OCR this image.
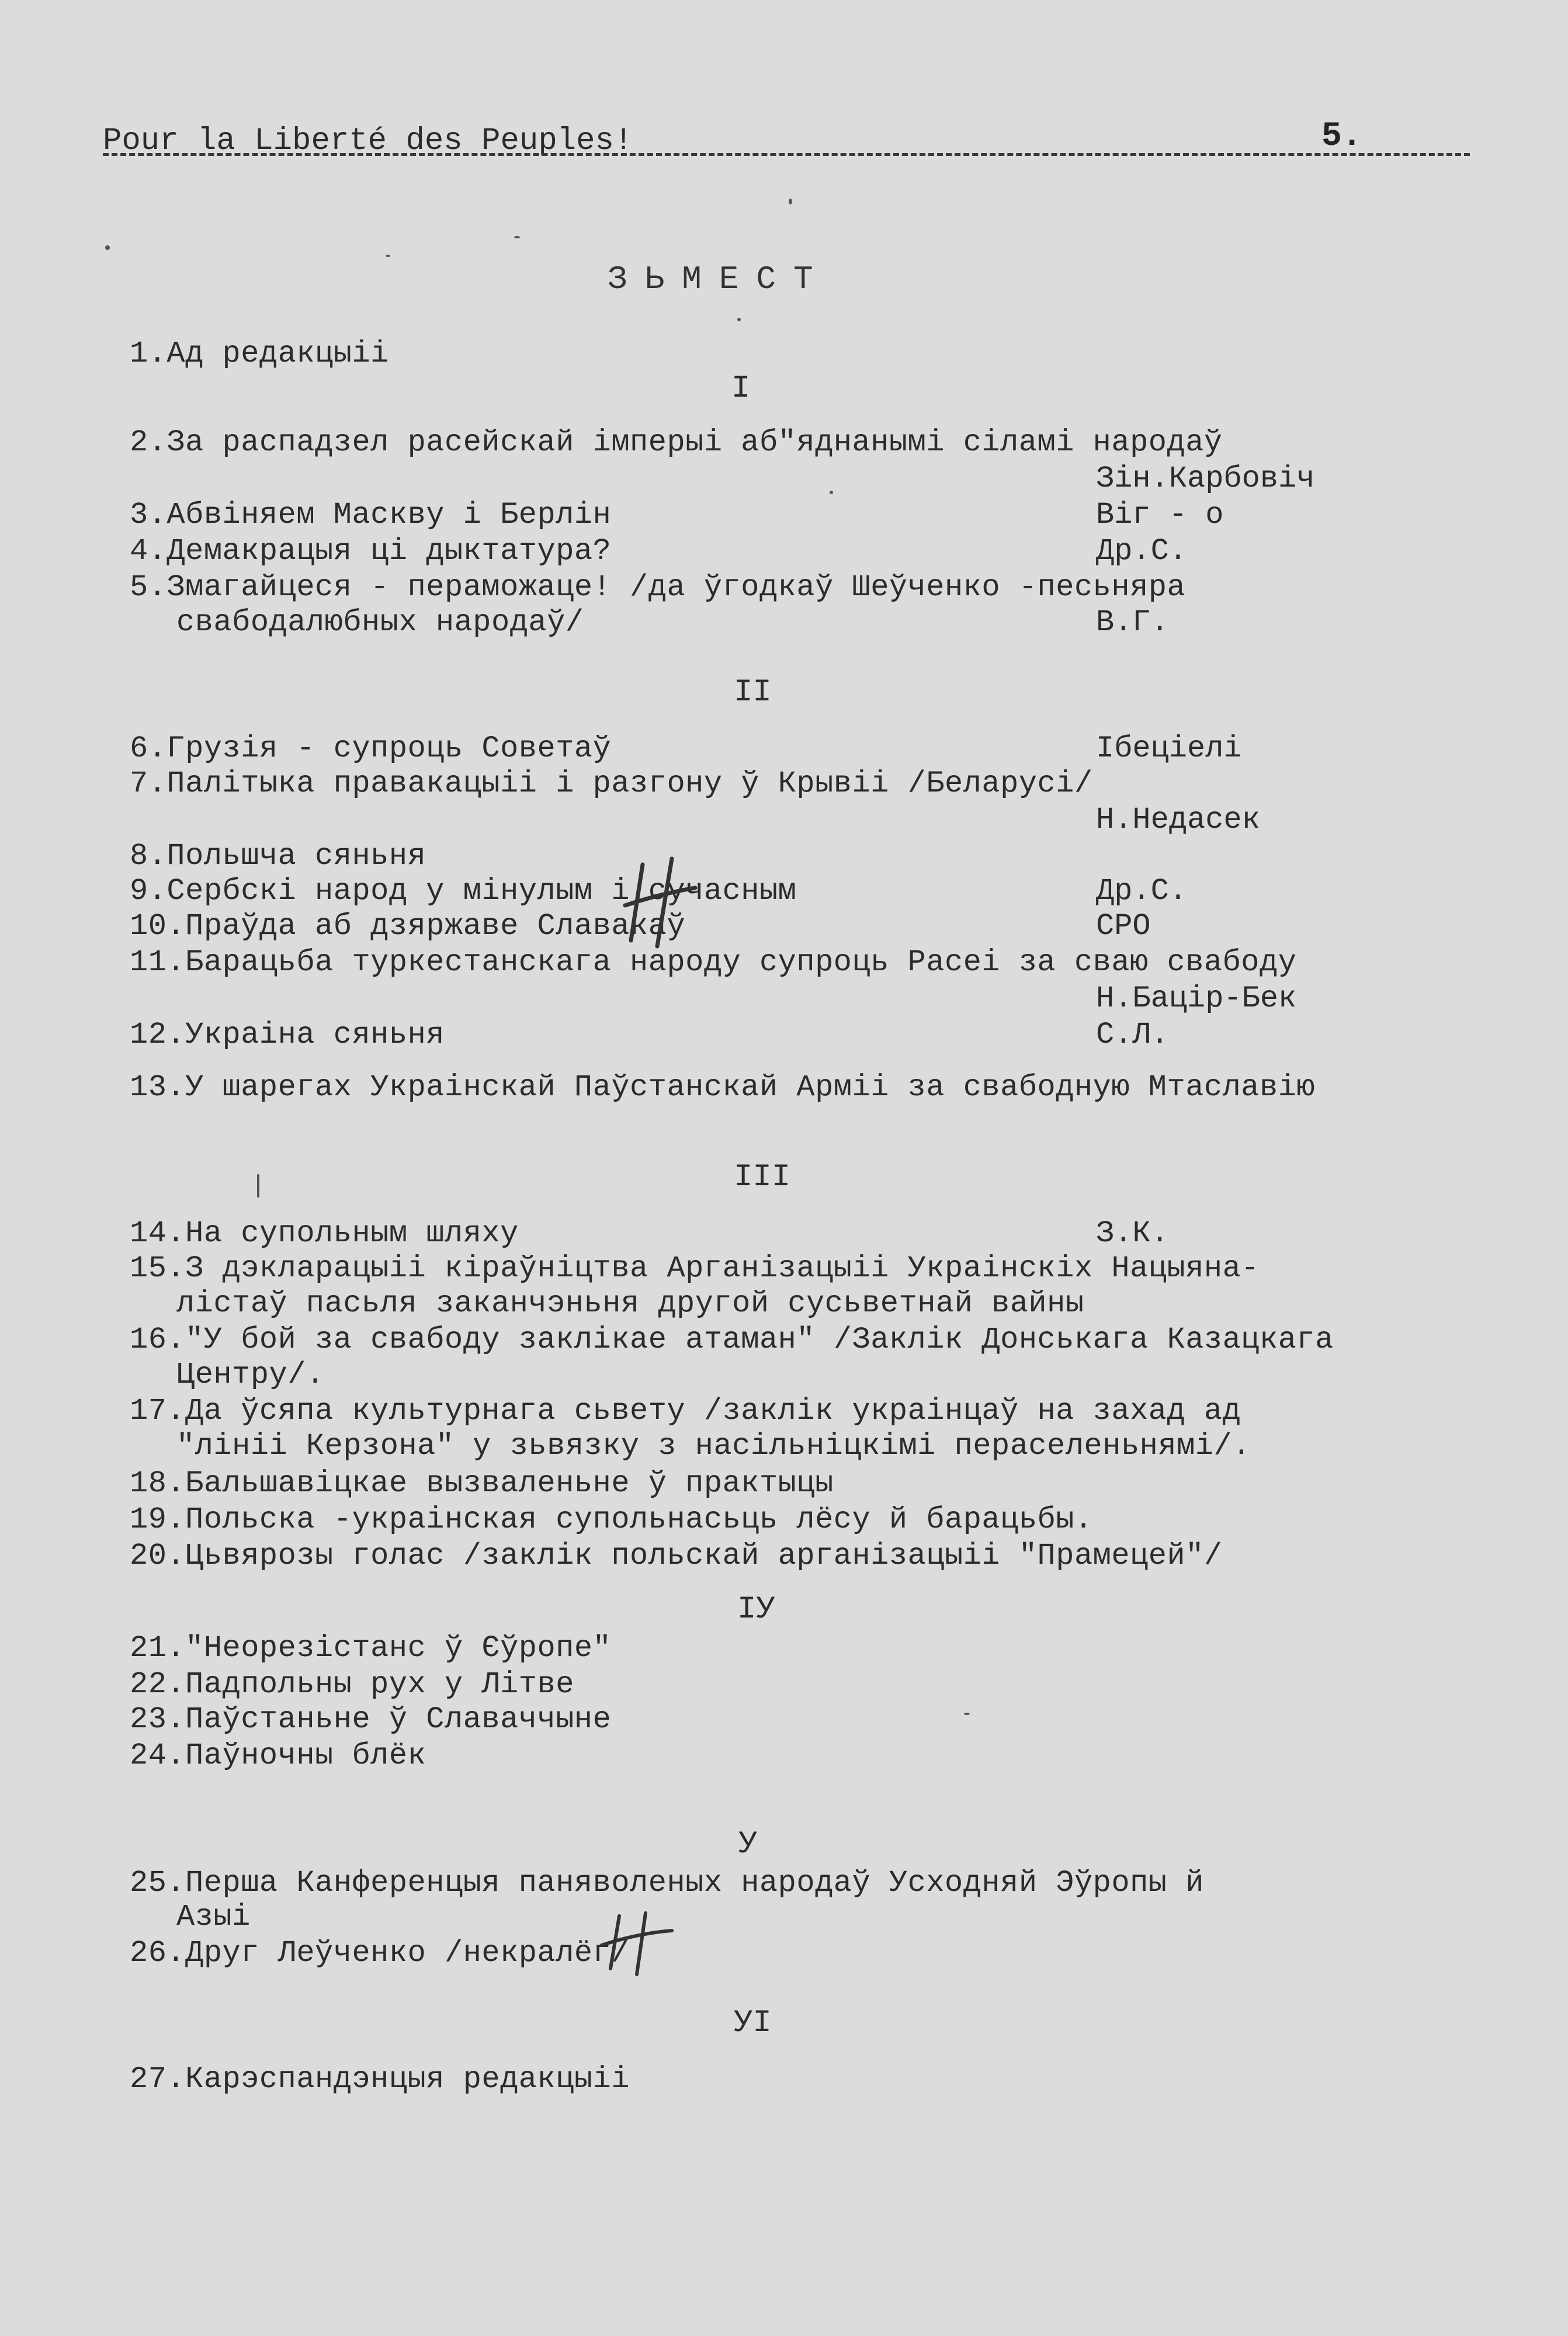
Pour la Liberté des Peuples!	5.
ЗЬМЕСТ
1.Ад редакцыіі
I
2.За распадзел расейскай імперыі аб"яднанымі сіламі народаў
Зін.Карбовіч
3.Абвіняем Маскву і Берлін	Віг - о
4.Демакрацыя ці дыктатура?	Др.С.
5.Змагайцеся - пераможаце! /да ўгодкаў Шеўченко -песьняра
свабодалюбных народаў/	В.Г.
II
6.Грузія - супроць Советаў	Ібеціелі
7.Палітыка правакацыіі і разгону ў Крывіі /Беларусі/
Н.Недасек
8.Польшча сяньня
9.Сербскі народ у мінулым і сучасным	Др.С.
10.Праўда аб дзяржаве Славакаў	СРО
11.Барацьба туркестанскага народу супроць Расеі за сваю свабоду
Н.Бацір-Бек
12.Украіна сяньня	С.Л.
13.У шарегах Украінскай Паўстанскай Арміі за свабодную Мтаславію
III
14.На супольным шляху	З.К.
15.З дэкларацыіі кіраўніцтва Арганізацыіі Украінскіх Нацыяна-
лістаў пасьля заканчэньня другой сусьветнай вайны
16."У бой за свабоду заклікае атаман" /Заклік Донськага Казацкага
Центру/.
17.Да ўсяпа культурнага сьвету /заклік украінцаў на захад ад
"лініі Керзона" у зьвязку з насільніцкімі пераселеньнямі/.
18.Бальшавіцкае вызваленьне ў практыцы
19.Польска -украінская супольнасьць лёсу й барацьбы.
20.Цьвярозы голас /заклік польскай арганізацыіі "Прамецей"/
ІУ
21."Неорезістанс ў Єўропе"
22.Падпольны рух у Літве
23.Паўстаньне ў Славаччыне
24.Паўночны блёк
У
25.Перша Канференцыя паняволеных народаў Усходняй Эўропы й
Азыі
26.Друг Леўченко /некралёг/
УІ
27.Карэспандэнцыя редакцыіі
